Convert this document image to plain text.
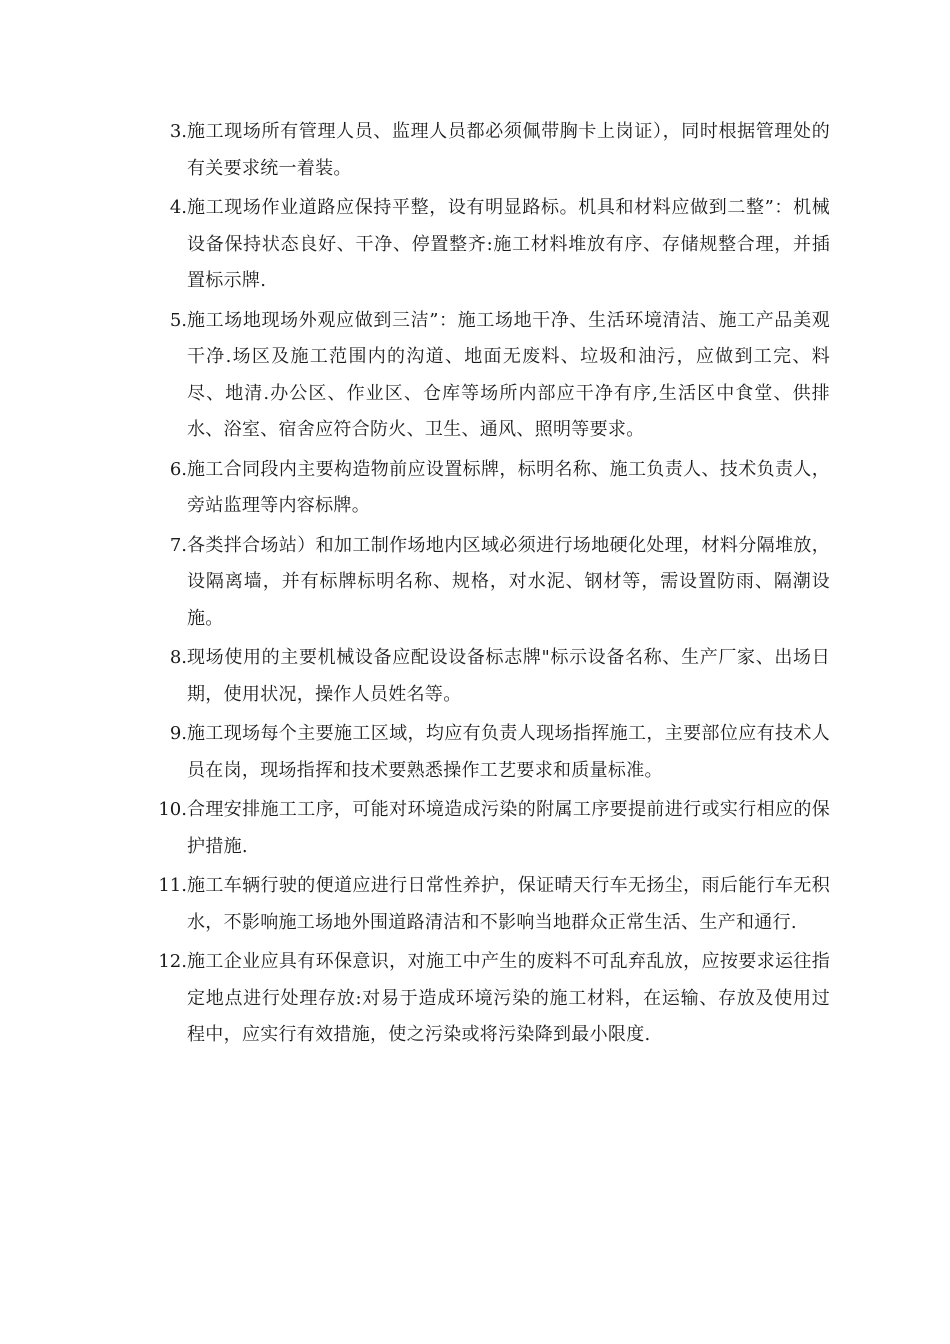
3. 施工现场所有管理人员、监理人员都必须佩带胸卡上岗证），同时根据管理处的有关要求统一着装。
4. 施工现场作业道路应保持平整，设有明显路标。机具和材料应做到二整”：机械设备保持状态良好、干净、停置整齐:施工材料堆放有序、存储规整合理，并插置标示牌.
5. 施工场地现场外观应做到三洁”：施工场地干净、生活环境清洁、施工产品美观干净.场区及施工范围内的沟道、地面无废料、垃圾和油污，应做到工完、料尽、地清.办公区、作业区、仓库等场所内部应干净有序,生活区中食堂、供排水、浴室、宿舍应符合防火、卫生、通风、照明等要求。
6. 施工合同段内主要构造物前应设置标牌，标明名称、施工负责人、技术负责人，旁站监理等内容标牌。
7. 各类拌合场站）和加工制作场地内区域必须进行场地硬化处理，材料分隔堆放，设隔离墙，并有标牌标明名称、规格，对水泥、钢材等，需设置防雨、隔潮设施。
8. 现场使用的主要机械设备应配设设备标志牌"标示设备名称、生产厂家、出场日期，使用状况，操作人员姓名等。
9. 施工现场每个主要施工区域，均应有负责人现场指挥施工，主要部位应有技术人员在岗，现场指挥和技术要熟悉操作工艺要求和质量标准。
10. 合理安排施工工序，可能对环境造成污染的附属工序要提前进行或实行相应的保护措施.
11. 施工车辆行驶的便道应进行日常性养护，保证晴天行车无扬尘，雨后能行车无积水，不影响施工场地外围道路清洁和不影响当地群众正常生活、生产和通行.
12. 施工企业应具有环保意识，对施工中产生的废料不可乱弃乱放，应按要求运往指定地点进行处理存放:对易于造成环境污染的施工材料，在运输、存放及使用过程中，应实行有效措施，使之污染或将污染降到最小限度.
